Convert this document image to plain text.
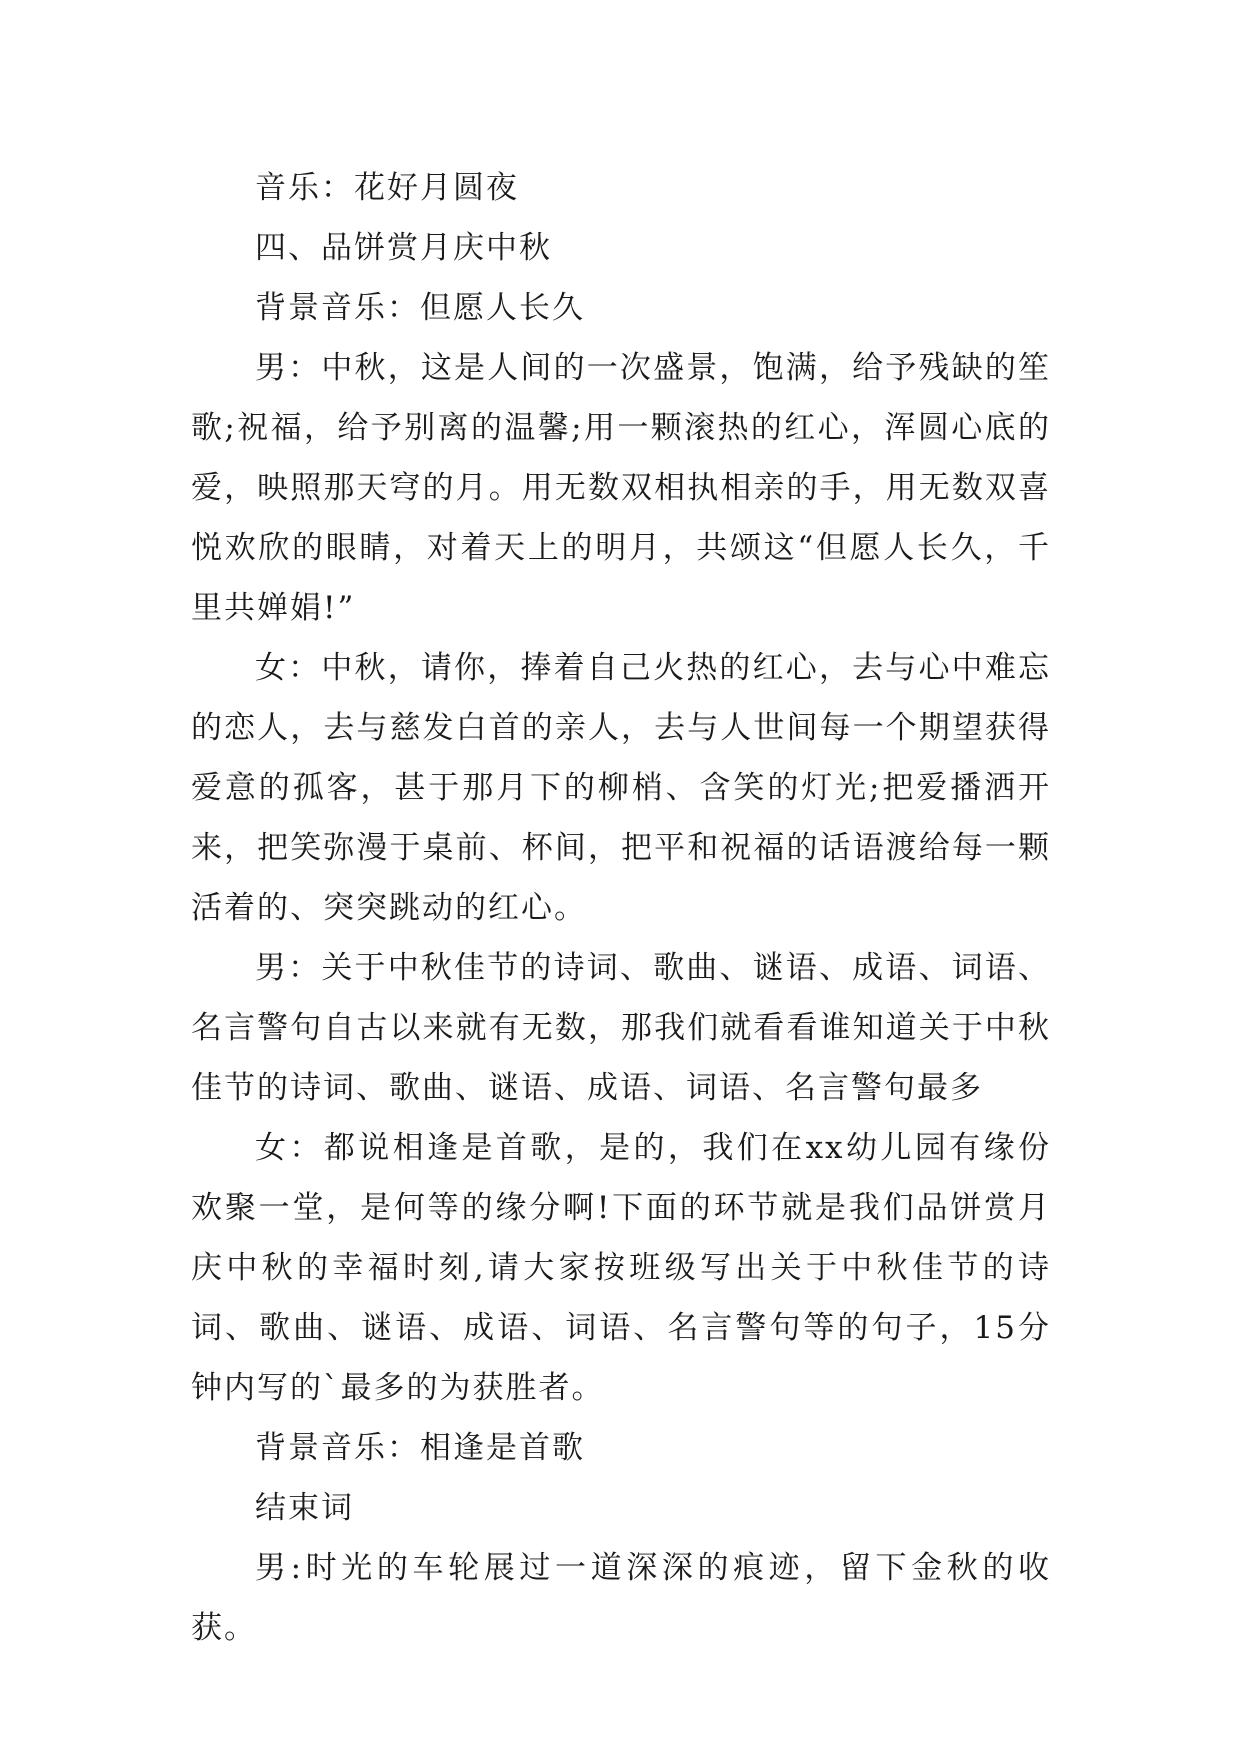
音乐：花好月圆夜

四、品饼赏月庆中秋

背景音乐：但愿人长久

男：中秋，这是人间的一次盛景，饱满，给予残缺的笙歌;祝福，给予别离的温馨;用一颗滚热的红心，浑圆心底的爱，映照那天穹的月。用无数双相执相亲的手，用无数双喜悦欢欣的眼睛，对着天上的明月，共颂这“但愿人长久，千里共婵娟!”

女：中秋，请你，捧着自己火热的红心，去与心中难忘的恋人，去与慈发白首的亲人，去与人世间每一个期望获得爱意的孤客，甚于那月下的柳梢、含笑的灯光;把爱播洒开来，把笑弥漫于桌前、杯间，把平和祝福的话语渡给每一颗活着的、突突跳动的红心。

男：关于中秋佳节的诗词、歌曲、谜语、成语、词语、名言警句自古以来就有无数，那我们就看看谁知道关于中秋佳节的诗词、歌曲、谜语、成语、词语、名言警句最多

女：都说相逢是首歌，是的，我们在xx幼儿园有缘份欢聚一堂，是何等的缘分啊!下面的环节就是我们品饼赏月庆中秋的幸福时刻,请大家按班级写出关于中秋佳节的诗词、歌曲、谜语、成语、词语、名言警句等的句子，15分钟内写的`最多的为获胜者。

背景音乐：相逢是首歌

结束词

男:时光的车轮展过一道深深的痕迹，留下金秋的收获。
